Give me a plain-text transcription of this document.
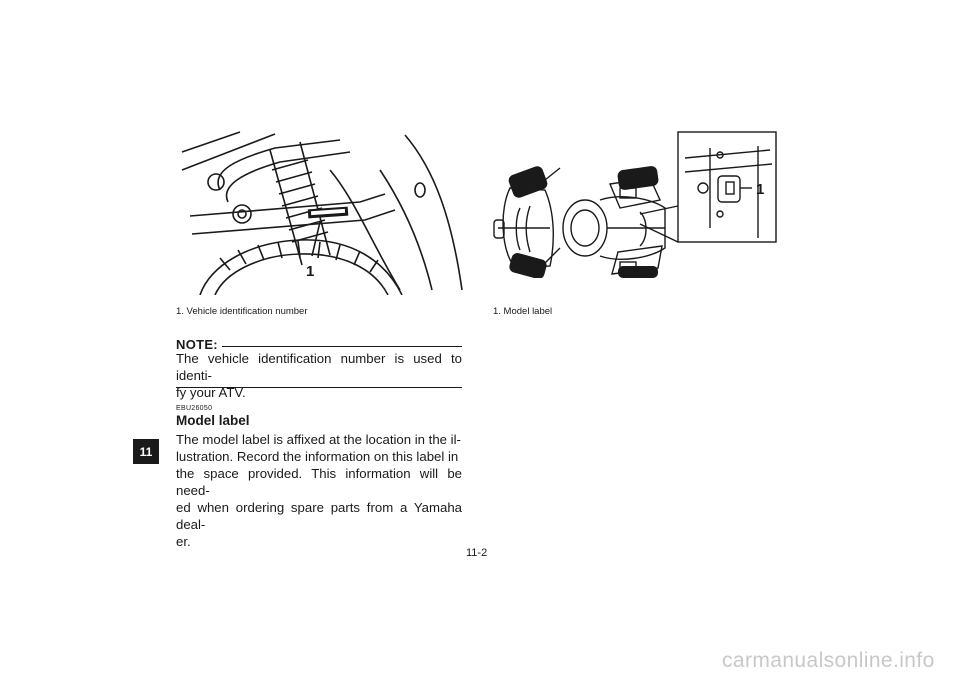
1
1. Vehicle identification number
1
1. Model label
NOTE:
The vehicle identification number is used to identi-
fy your ATV.
EBU26050
Model label
The model label is affixed at the location in the il-
lustration. Record the information on this label in
the space provided. This information will be need-
ed when ordering spare parts from a Yamaha deal-
er.
11
11-2
carmanualsonline.info
